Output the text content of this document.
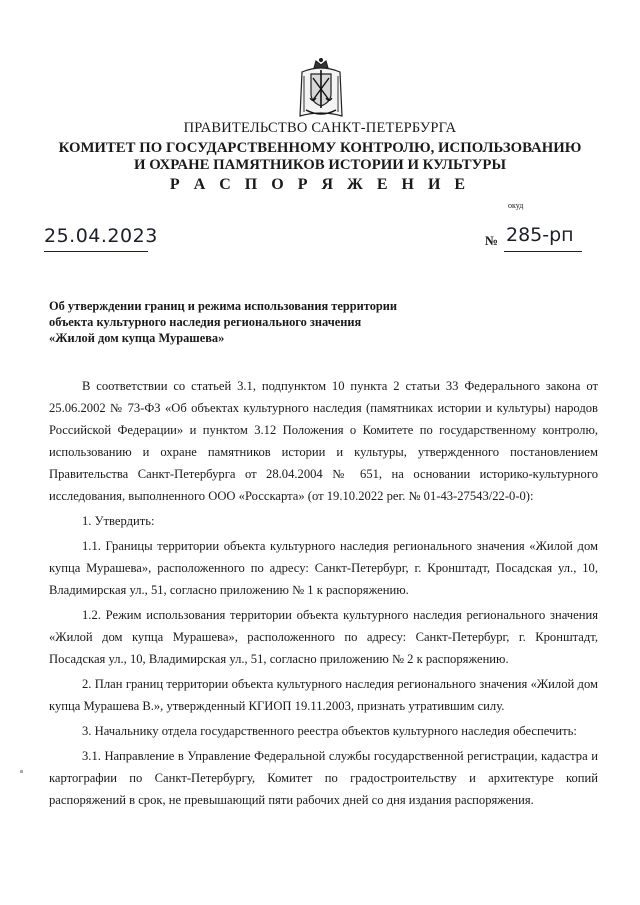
ПРАВИТЕЛЬСТВО САНКТ-ПЕТЕРБУРГА
КОМИТЕТ ПО ГОСУДАРСТВЕННОМУ КОНТРОЛЮ, ИСПОЛЬЗОВАНИЮ
И ОХРАНЕ ПАМЯТНИКОВ ИСТОРИИ И КУЛЬТУРЫ
Р А С П О Р Я Ж Е Н И Е
окуд
25.04.2023	№ 285-рп
Об утверждении границ и режима использования территории
объекта культурного наследия регионального значения
«Жилой дом купца Мурашева»

В соответствии со статьей 3.1, подпунктом 10 пункта 2 статьи 33 Федерального закона от 25.06.2002 № 73-ФЗ «Об объектах культурного наследия (памятниках истории и культуры) народов Российской Федерации» и пунктом 3.12 Положения о Комитете по государственному контролю, использованию и охране памятников истории и культуры, утвержденного постановлением Правительства Санкт-Петербурга от 28.04.2004 № 651, на основании историко-культурного исследования, выполненного ООО «Росскарта» (от 19.10.2022 рег. № 01-43-27543/22-0-0):

1. Утвердить:

1.1. Границы территории объекта культурного наследия регионального значения «Жилой дом купца Мурашева», расположенного по адресу: Санкт-Петербург, г. Кронштадт, Посадская ул., 10, Владимирская ул., 51, согласно приложению № 1 к распоряжению.

1.2. Режим использования территории объекта культурного наследия регионального значения «Жилой дом купца Мурашева», расположенного по адресу: Санкт-Петербург, г. Кронштадт, Посадская ул., 10, Владимирская ул., 51, согласно приложению № 2 к распоряжению.

2. План границ территории объекта культурного наследия регионального значения «Жилой дом купца Мурашева В.», утвержденный КГИОП 19.11.2003, признать утратившим силу.

3. Начальнику отдела государственного реестра объектов культурного наследия обеспечить:

3.1. Направление в Управление Федеральной службы государственной регистрации, кадастра и картографии по Санкт-Петербургу, Комитет по градостроительству и архитектуре копий распоряжений в срок, не превышающий пяти рабочих дней со дня издания распоряжения.
